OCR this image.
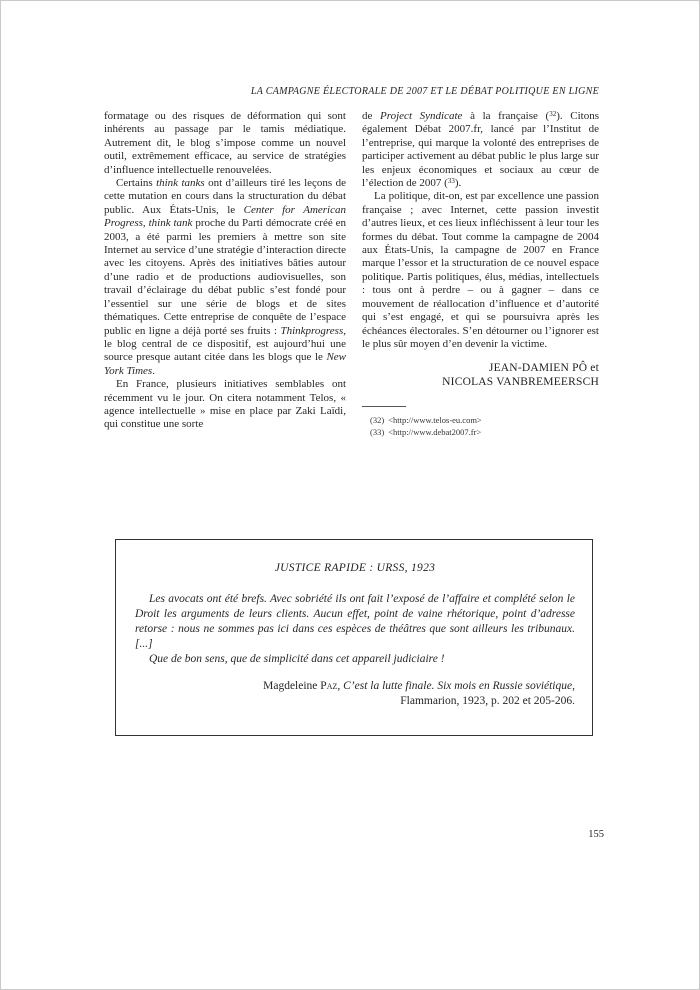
LA CAMPAGNE ÉLECTORALE DE 2007 ET LE DÉBAT POLITIQUE EN LIGNE

formatage ou des risques de déformation qui sont inhérents au passage par le tamis médiatique. Autrement dit, le blog s’impose comme un nouvel outil, extrêmement efficace, au service de stratégies d’influence intellectuelle renouvelées.

Certains think tanks ont d’ailleurs tiré les leçons de cette mutation en cours dans la structuration du débat public. Aux États-Unis, le Center for American Progress, think tank proche du Parti démocrate créé en 2003, a été parmi les premiers à mettre son site Internet au service d’une stratégie d’interaction directe avec les citoyens. Après des initiatives bâties autour d’une radio et de productions audiovisuelles, son travail d’éclairage du débat public s’est fondé pour l’essentiel sur une série de blogs et de sites thématiques. Cette entreprise de conquête de l’espace public en ligne a déjà porté ses fruits : Thinkprogress, le blog central de ce dispositif, est aujourd’hui une source presque autant citée dans les blogs que le New York Times.

En France, plusieurs initiatives semblables ont récemment vu le jour. On citera notamment Telos, « agence intellectuelle » mise en place par Zaki Laïdi, qui constitue une sorte

de Project Syndicate à la française ($^{32}$). Citons également Débat 2007.fr, lancé par l’Institut de l’entreprise, qui marque la volonté des entreprises de participer activement au débat public le plus large sur les enjeux économiques et sociaux au cœur de l’élection de 2007 ($^{33}$).

La politique, dit-on, est par excellence une passion française ; avec Internet, cette passion investit d’autres lieux, et ces lieux infléchissent à leur tour les formes du débat. Tout comme la campagne de 2004 aux États-Unis, la campagne de 2007 en France marque l’essor et la structuration de ce nouvel espace politique. Partis politiques, élus, médias, intellectuels : tous ont à perdre – ou à gagner – dans ce mouvement de réallocation d’influence et d’autorité qui s’est engagé, et qui se poursuivra après les échéances électorales. S’en détourner ou l’ignorer est le plus sûr moyen d’en devenir la victime.

JEAN-DAMIEN PÔ et
NICOLAS VANBREMEERSCH
(32) <http://www.telos-eu.com>
(33) <http://www.debat2007.fr>
JUSTICE RAPIDE : URSS, 1923

Les avocats ont été brefs. Avec sobriété ils ont fait l’exposé de l’affaire et complété selon le Droit les arguments de leurs clients. Aucun effet, point de vaine rhétorique, point d’adresse retorse : nous ne sommes pas ici dans ces espèces de théâtres que sont ailleurs les tribunaux. [...]

Que de bon sens, que de simplicité dans cet appareil judiciaire !

Magdeleine Paz, C’est la lutte finale. Six mois en Russie soviétique,
Flammarion, 1923, p. 202 et 205-206.
155
